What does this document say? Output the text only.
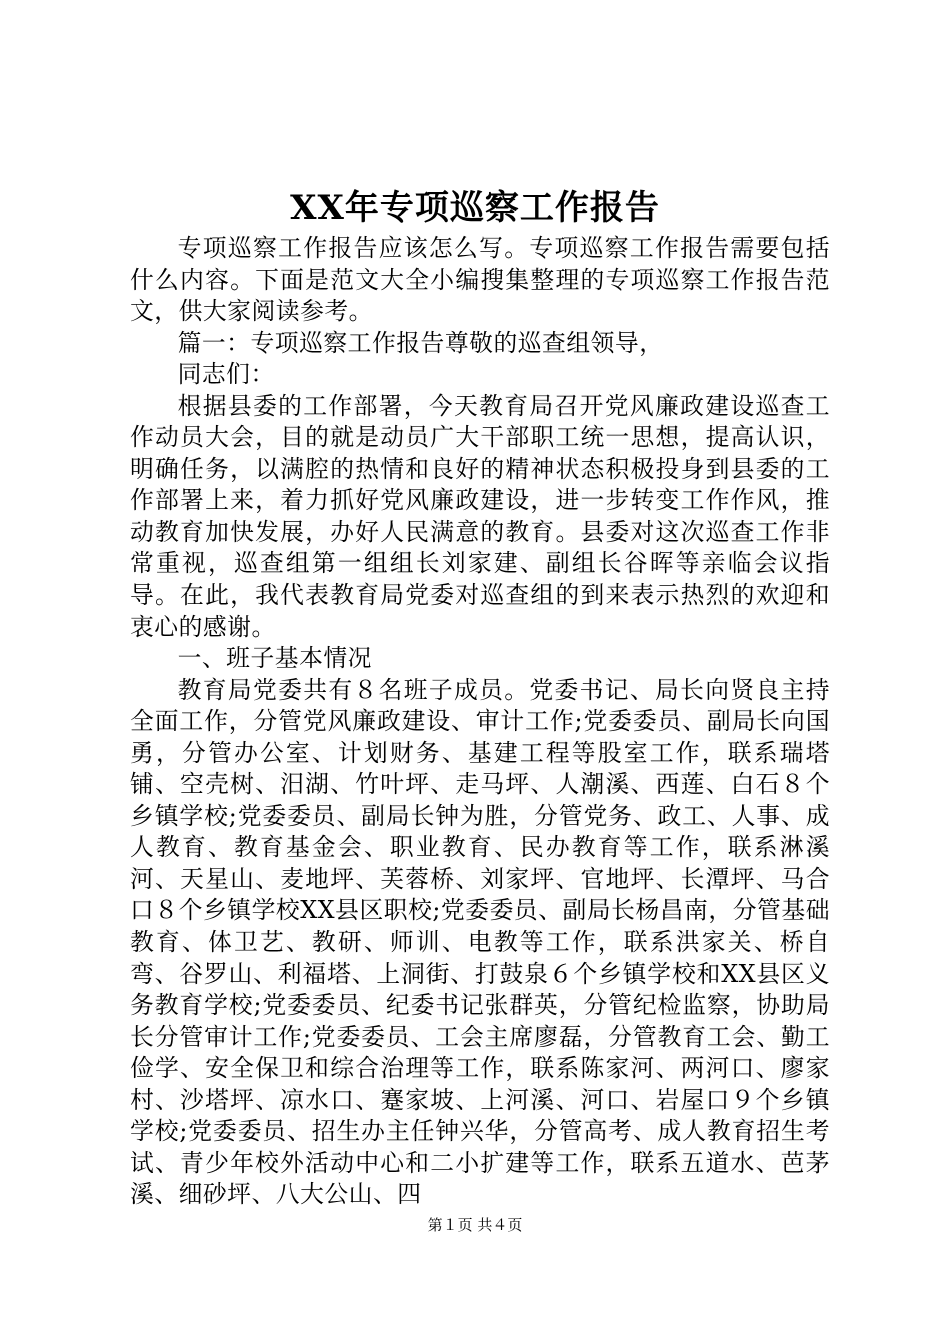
XX年专项巡察工作报告

专项巡察工作报告应该怎么写。专项巡察工作报告需要包括什么内容。下面是范文大全小编搜集整理的专项巡察工作报告范文，供大家阅读参考。

篇一：专项巡察工作报告尊敬的巡查组领导，

同志们：

根据县委的工作部署，今天教育局召开党风廉政建设巡查工作动员大会，目的就是动员广大干部职工统一思想，提高认识，明确任务，以满腔的热情和良好的精神状态积极投身到县委的工作部署上来，着力抓好党风廉政建设，进一步转变工作作风，推动教育加快发展，办好人民满意的教育。县委对这次巡查工作非常重视，巡查组第一组组长刘家建、副组长谷晖等亲临会议指导。在此，我代表教育局党委对巡查组的到来表示热烈的欢迎和衷心的感谢。

一、班子基本情况

教育局党委共有８名班子成员。党委书记、局长向贤良主持全面工作，分管党风廉政建设、审计工作;党委委员、副局长向国勇，分管办公室、计划财务、基建工程等股室工作，联系瑞塔铺、空壳树、汨湖、竹叶坪、走马坪、人潮溪、西莲、白石８个乡镇学校;党委委员、副局长钟为胜，分管党务、政工、人事、成人教育、教育基金会、职业教育、民办教育等工作，联系淋溪河、天星山、麦地坪、芙蓉桥、刘家坪、官地坪、长潭坪、马合口８个乡镇学校XX县区职校;党委委员、副局长杨昌南，分管基础教育、体卫艺、教研、师训、电教等工作，联系洪家关、桥自弯、谷罗山、利福塔、上洞街、打鼓泉６个乡镇学校和XX县区义务教育学校;党委委员、纪委书记张群英，分管纪检监察，协助局长分管审计工作;党委委员、工会主席廖磊，分管教育工会、勤工俭学、安全保卫和综合治理等工作，联系陈家河、两河口、廖家村、沙塔坪、凉水口、蹇家坡、上河溪、河口、岩屋口９个乡镇学校;党委委员、招生办主任钟兴华，分管高考、成人教育招生考试、青少年校外活动中心和二小扩建等工作，联系五道水、芭茅溪、细砂坪、八大公山、四

第１页 共４页
